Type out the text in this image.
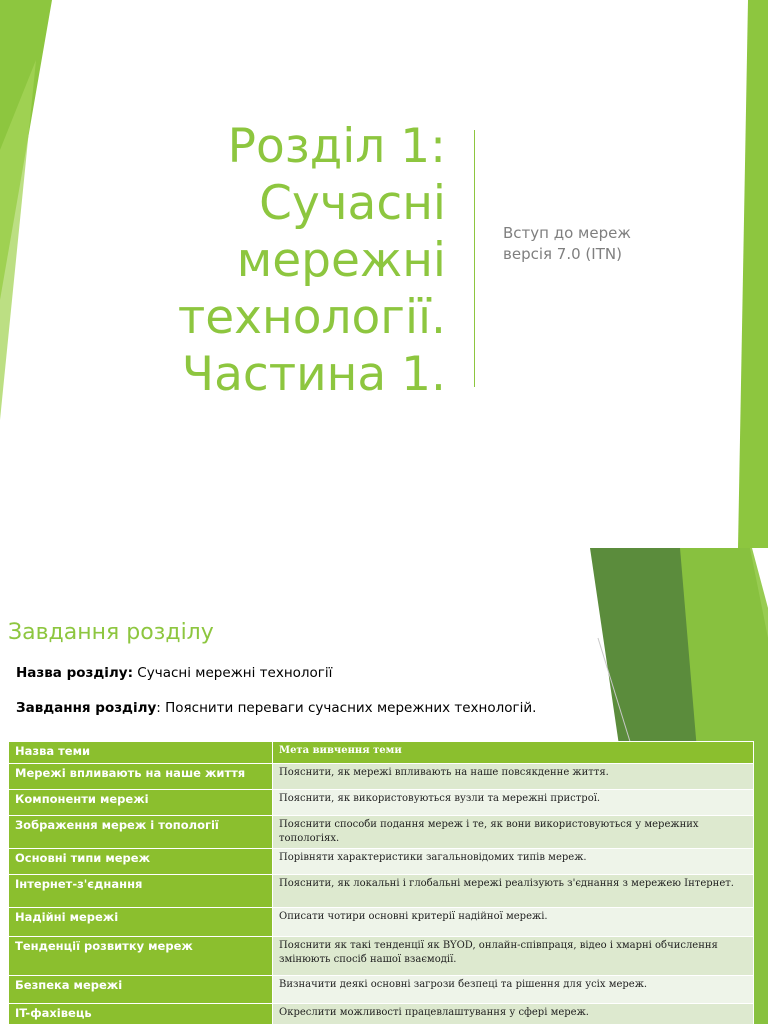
Розділ 1:
Сучасні
мережні
технології.
Частина 1.
Вступ до мереж
версія 7.0 (ITN)
Завдання розділу
Назва розділу: Сучасні мережні технології
Завдання розділу: Пояснити переваги сучасних мережних технологій.
Назва теми	Мета вивчення теми
Мережі впливають на наше життя	Пояснити, як мережі впливають на наше повсякденне життя.
Компоненти мережі	Пояснити, як використовуються вузли та мережні пристрої.
Зображення мереж і топології	Пояснити способи подання мереж і те, як вони використовуються у мережних топологіях.
Основні типи мереж	Порівняти характеристики загальновідомих типів мереж.
Інтернет-з'єднання	Пояснити, як локальні і глобальні мережі реалізують з'єднання з мережею Інтернет.
Надійні мережі	Описати чотири основні критерії надійної мережі.
Тенденції розвитку мереж	Пояснити як такі тенденції як BYOD, онлайн-співпраця, відео і хмарні обчислення змінюють спосіб нашої взаємодії.
Безпека мережі	Визначити деякі основні загрози безпеці та рішення для усіх мереж.
IT-фахівець	Окреслити можливості працевлаштування у сфері мереж.
